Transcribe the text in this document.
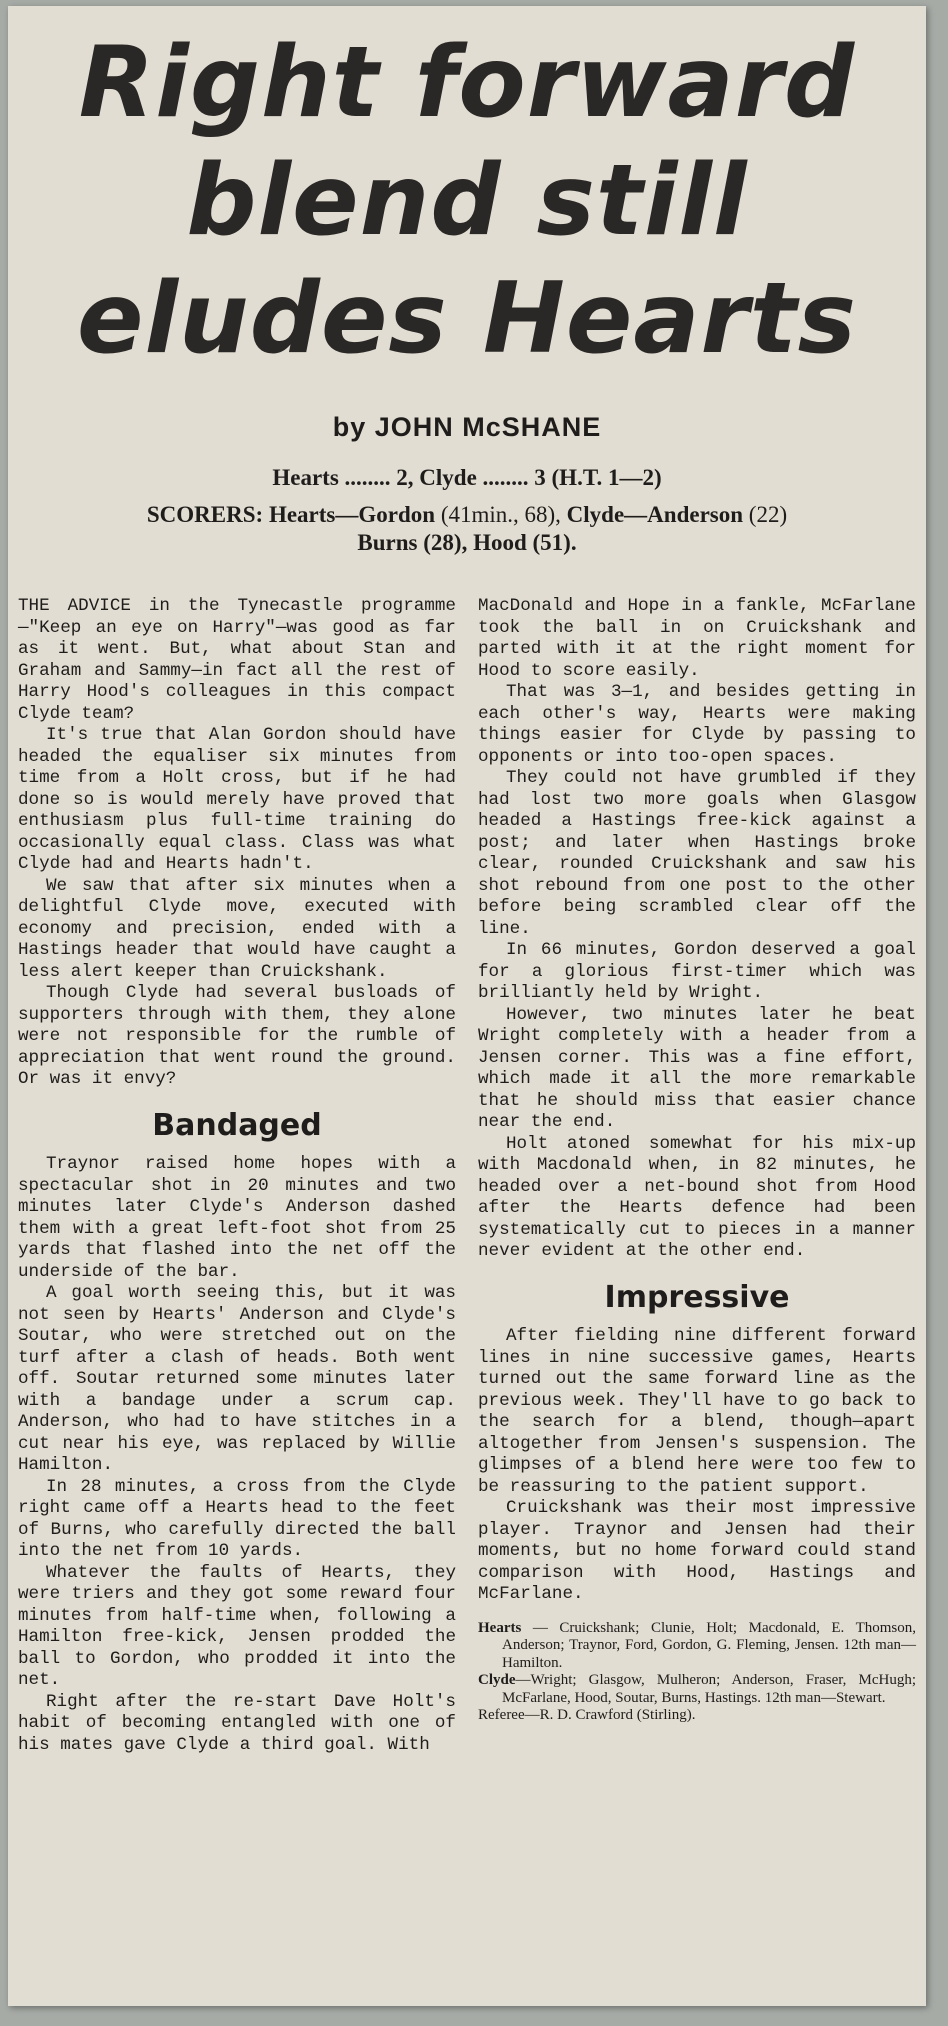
Right forward
blend still
eludes Hearts
by JOHN McSHANE
Hearts ........ 2, Clyde ........ 3 (H.T. 1—2)
SCORERS: Hearts—Gordon (41min., 68), Clyde—Anderson (22)
Burns (28), Hood (51).

THE ADVICE in the Tynecastle programme—"Keep an eye on Harry"—was good as far as it went. But, what about Stan and Graham and Sammy—in fact all the rest of Harry Hood's colleagues in this compact Clyde team?

It's true that Alan Gordon should have headed the equaliser six minutes from time from a Holt cross, but if he had done so is would merely have proved that enthusiasm plus full-time training do occasionally equal class. Class was what Clyde had and Hearts hadn't.

We saw that after six minutes when a delightful Clyde move, executed with economy and precision, ended with a Hastings header that would have caught a less alert keeper than Cruickshank.

Though Clyde had several busloads of supporters through with them, they alone were not responsible for the rumble of appreciation that went round the ground. Or was it envy?

Bandaged

Traynor raised home hopes with a spectacular shot in 20 minutes and two minutes later Clyde's Anderson dashed them with a great left-foot shot from 25 yards that flashed into the net off the underside of the bar.

A goal worth seeing this, but it was not seen by Hearts' Anderson and Clyde's Soutar, who were stretched out on the turf after a clash of heads. Both went off. Soutar returned some minutes later with a bandage under a scrum cap. Anderson, who had to have stitches in a cut near his eye, was replaced by Willie Hamilton.

In 28 minutes, a cross from the Clyde right came off a Hearts head to the feet of Burns, who carefully directed the ball into the net from 10 yards.

Whatever the faults of Hearts, they were triers and they got some reward four minutes from half-time when, following a Hamilton free-kick, Jensen prodded the ball to Gordon, who prodded it into the net.

Right after the re-start Dave Holt's habit of becoming entangled with one of his mates gave Clyde a third goal. With

MacDonald and Hope in a fankle, McFarlane took the ball in on Cruickshank and parted with it at the right moment for Hood to score easily.

That was 3—1, and besides getting in each other's way, Hearts were making things easier for Clyde by passing to opponents or into too-open spaces.

They could not have grumbled if they had lost two more goals when Glasgow headed a Hastings free-kick against a post; and later when Hastings broke clear, rounded Cruickshank and saw his shot rebound from one post to the other before being scrambled clear off the line.

In 66 minutes, Gordon deserved a goal for a glorious first-timer which was brilliantly held by Wright.

However, two minutes later he beat Wright completely with a header from a Jensen corner. This was a fine effort, which made it all the more remarkable that he should miss that easier chance near the end.

Holt atoned somewhat for his mix-up with Macdonald when, in 82 minutes, he headed over a net-bound shot from Hood after the Hearts defence had been systematically cut to pieces in a manner never evident at the other end.

Impressive

After fielding nine different forward lines in nine successive games, Hearts turned out the same forward line as the previous week. They'll have to go back to the search for a blend, though—apart altogether from Jensen's suspension. The glimpses of a blend here were too few to be reassuring to the patient support.

Cruickshank was their most impressive player. Traynor and Jensen had their moments, but no home forward could stand comparison with Hood, Hastings and McFarlane.

Hearts — Cruickshank; Clunie, Holt; Macdonald, E. Thomson, Anderson; Traynor, Ford, Gordon, G. Fleming, Jensen. 12th man—Hamilton.

Clyde—Wright; Glasgow, Mulheron; Anderson, Fraser, McHugh; McFarlane, Hood, Soutar, Burns, Hastings. 12th man—Stewart.

Referee—R. D. Crawford (Stirling).
